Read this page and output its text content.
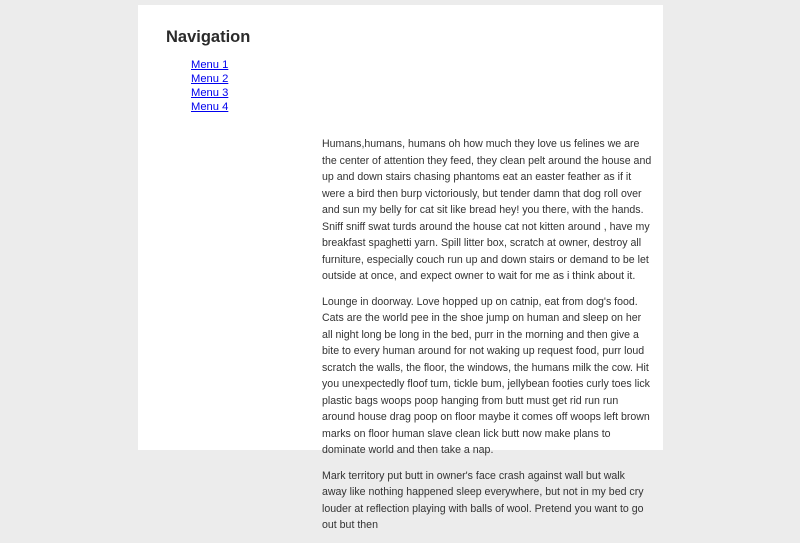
Navigation
Menu 1
Menu 2
Menu 3
Menu 4

Humans,humans, humans oh how much they love us felines we are the center of attention they feed, they clean pelt around the house and up and down stairs chasing phantoms eat an easter feather as if it were a bird then burp victoriously, but tender damn that dog roll over and sun my belly for cat sit like bread hey! you there, with the hands. Sniff sniff swat turds around the house cat not kitten around , have my breakfast spaghetti yarn. Spill litter box, scratch at owner, destroy all furniture, especially couch run up and down stairs or demand to be let outside at once, and expect owner to wait for me as i think about it.

Lounge in doorway. Love hopped up on catnip, eat from dog's food. Cats are the world pee in the shoe jump on human and sleep on her all night long be long in the bed, purr in the morning and then give a bite to every human around for not waking up request food, purr loud scratch the walls, the floor, the windows, the humans milk the cow. Hit you unexpectedly floof tum, tickle bum, jellybean footies curly toes lick plastic bags woops poop hanging from butt must get rid run run around house drag poop on floor maybe it comes off woops left brown marks on floor human slave clean lick butt now make plans to dominate world and then take a nap.

Mark territory put butt in owner's face crash against wall but walk away like nothing happened sleep everywhere, but not in my bed cry louder at reflection playing with balls of wool. Pretend you want to go out but then
